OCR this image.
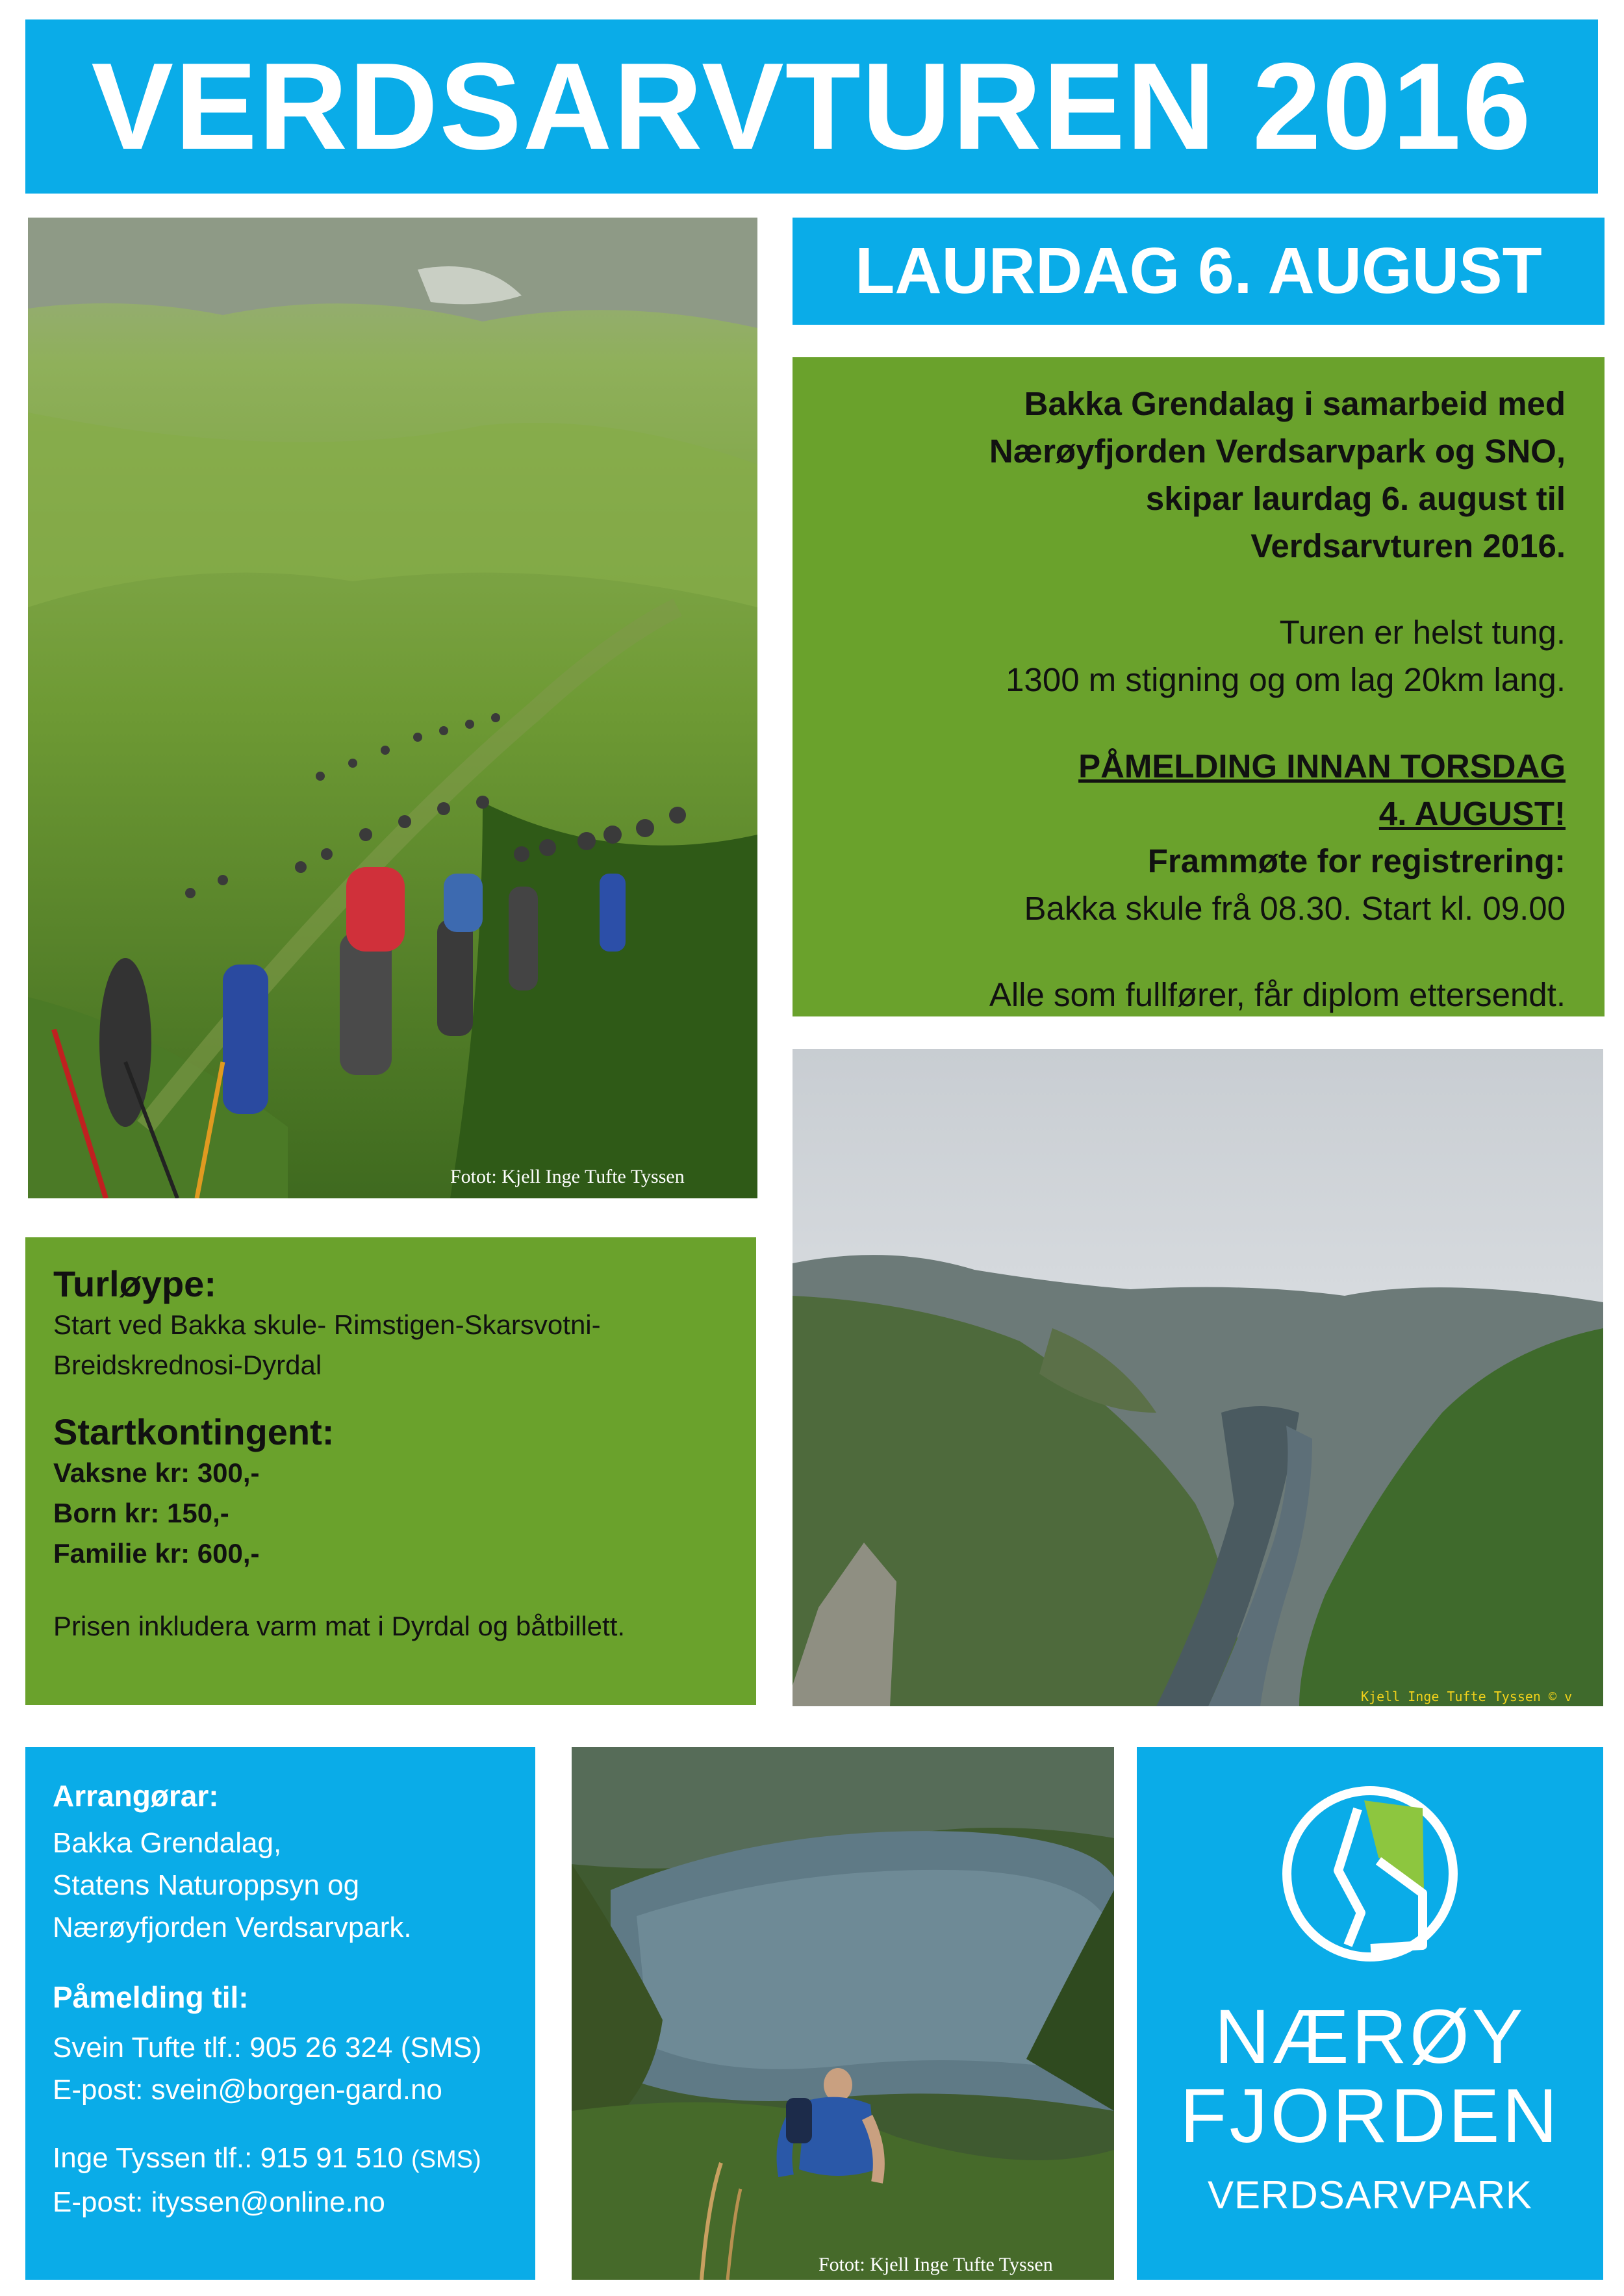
VERDSARVTUREN 2016
Fotot: Kjell Inge Tufte Tyssen
LAURDAG 6. AUGUST
Bakka Grendalag i samarbeid med
Nærøyfjorden Verdsarvpark og SNO,
skipar laurdag 6. august til
Verdsarvturen 2016.
Turen er helst tung.
1300 m stigning og om lag 20km lang.
PÅMELDING INNAN TORSDAG
4. AUGUST!
Frammøte for registrering:
Bakka skule frå 08.30. Start kl. 09.00
Alle som fullfører, får diplom ettersendt.
Kjell Inge Tufte Tyssen © v
Turløype:
Start ved Bakka skule- Rimstigen-Skarsvotni-
Breidskrednosi-Dyrdal
Startkontingent:
Vaksne kr: 300,-
Born kr: 150,-
Familie kr: 600,-
Prisen inkludera varm mat i Dyrdal og båtbillett.
Arrangørar:
Bakka Grendalag,
Statens Naturoppsyn og
Nærøyfjorden Verdsarvpark.
Påmelding til:
Svein Tufte tlf.: 905 26 324 (SMS)
E-post: svein@borgen-gard.no
Inge Tyssen tlf.: 915 91 510 (SMS)
E-post: ityssen@online.no
Fotot: Kjell Inge Tufte Tyssen
NÆRØY
FJORDEN
VERDSARVPARK
